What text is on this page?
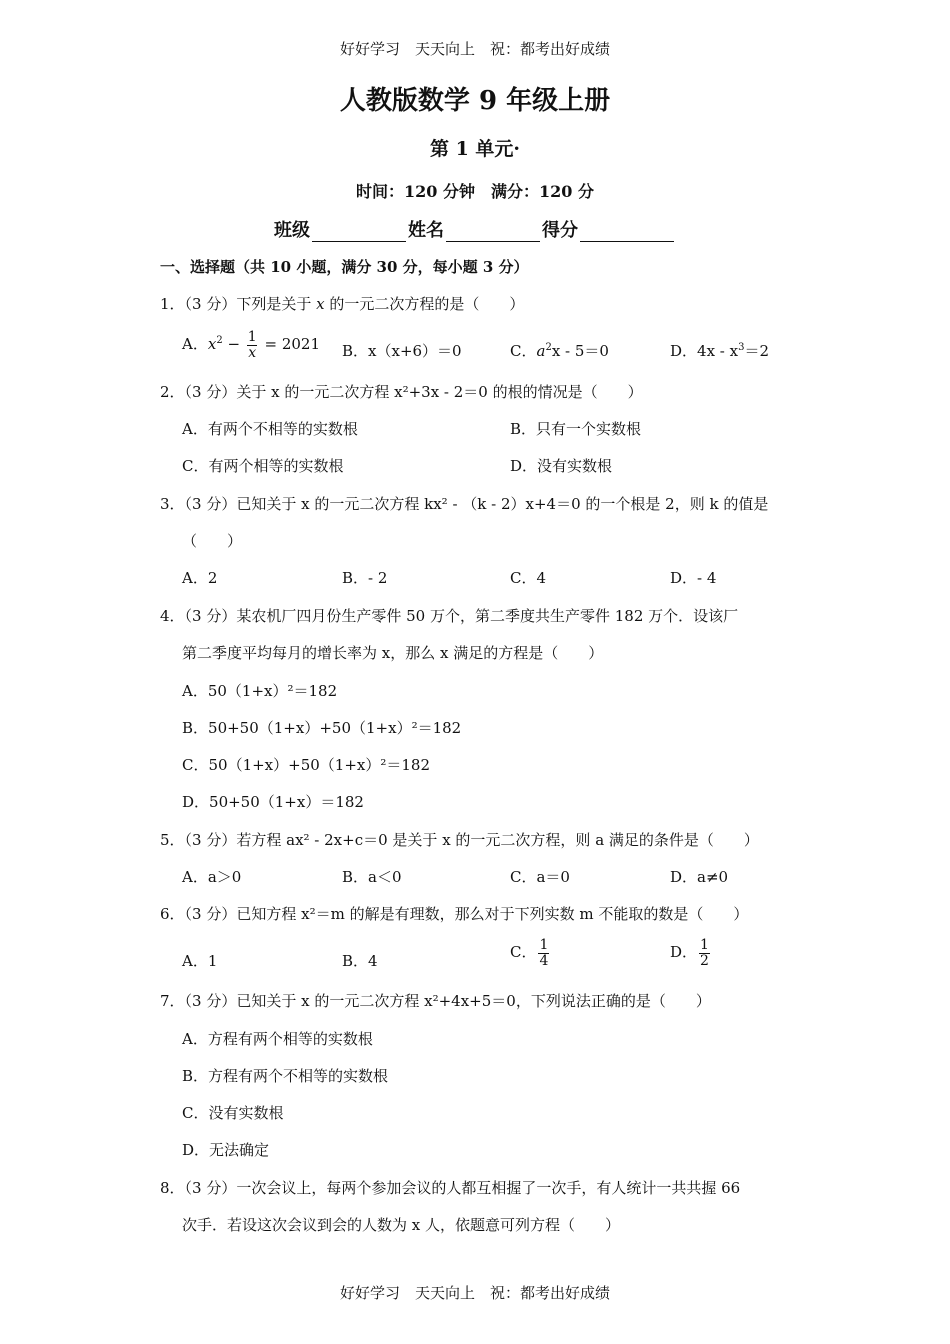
好好学习　天天向上　祝：都考出好成绩
人教版数学 9 年级上册
第 1 单元·
时间：120 分钟　满分：120 分
班级	姓名	得分
一、选择题（共 10 小题，满分 30 分，每小题 3 分）
1．（3 分）下列是关于 x 的一元二次方程的是（　　）
A．$x^2 - \frac{1}{x} = 2021$ B．x（x+6）＝0	C．$a^2x - 5=0$	D．$4x - x^3=2$
2．（3 分）关于 x 的一元二次方程 x²+3x - 2＝0 的根的情况是（　　）
A．有两个不相等的实数根	B．只有一个实数根
C．有两个相等的实数根	D．没有实数根
3．（3 分）已知关于 x 的一元二次方程 kx² - （k - 2）x+4＝0 的一个根是 2，则 k 的值是
（　　）
A．2	B．- 2	C．4	D．- 4
4．（3 分）某农机厂四月份生产零件 50 万个，第二季度共生产零件 182 万个．设该厂
第二季度平均每月的增长率为 x，那么 x 满足的方程是（　　）
A．50（1+x）²＝182
B．50+50（1+x）+50（1+x）²＝182
C．50（1+x）+50（1+x）²＝182
D．50+50（1+x）＝182
5．（3 分）若方程 ax² - 2x+c＝0 是关于 x 的一元二次方程，则 a 满足的条件是（　　）
A．a＞0	B．a＜0	C．a＝0	D．a≠0
6．（3 分）已知方程 x²＝m 的解是有理数，那么对于下列实数 m 不能取的数是（　　）
A．1	B．4	C． $\frac{1}{4}$	D． $\frac{1}{2}$
7．（3 分）已知关于 x 的一元二次方程 x²+4x+5＝0，下列说法正确的是（　　）
A．方程有两个相等的实数根
B．方程有两个不相等的实数根
C．没有实数根
D．无法确定
8．（3 分）一次会议上，每两个参加会议的人都互相握了一次手，有人统计一共共握 66
次手．若设这次会议到会的人数为 x 人，依题意可列方程（　　）
好好学习　天天向上　祝：都考出好成绩
